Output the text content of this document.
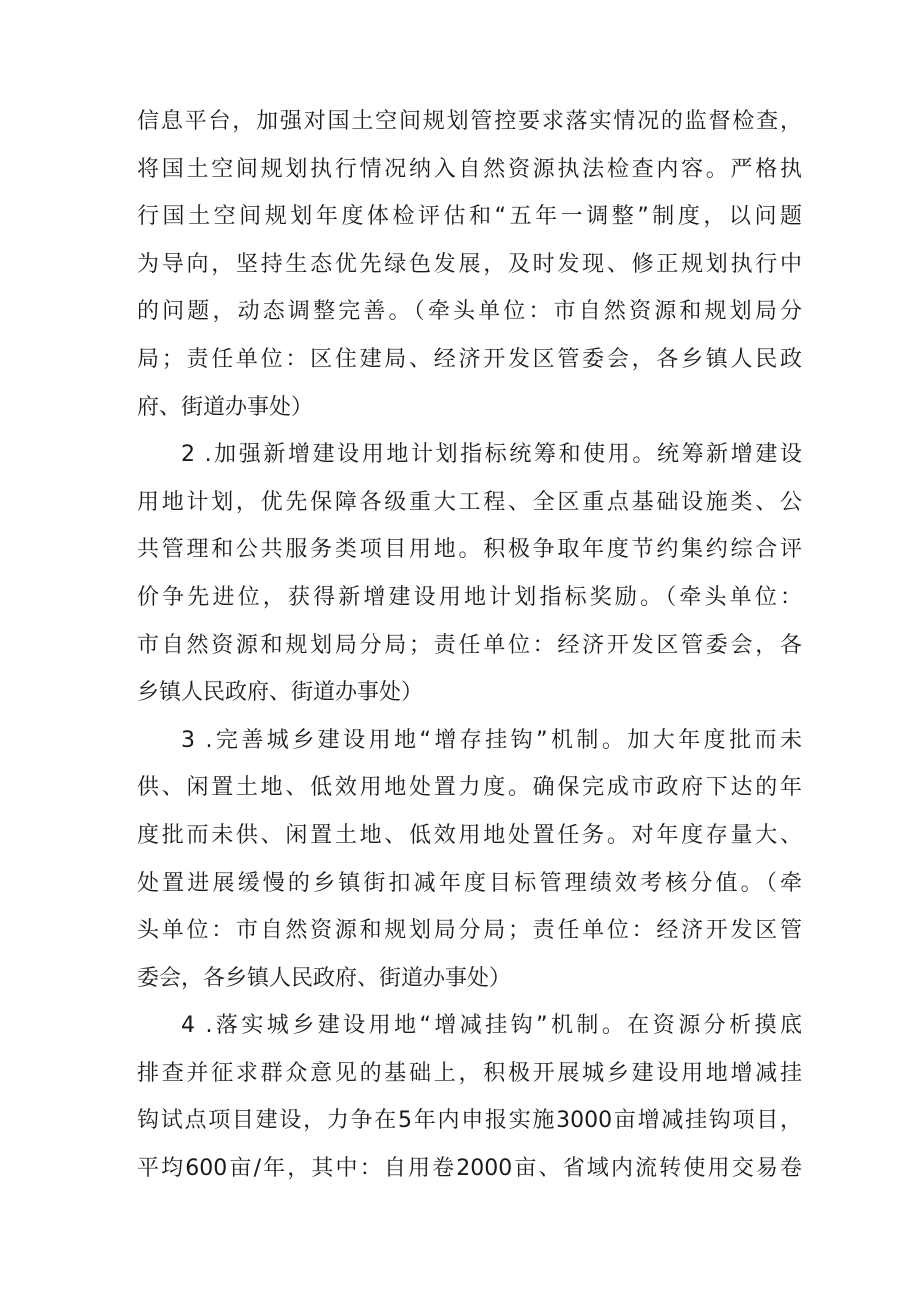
信息平台，加强对国土空间规划管控要求落实情况的监督检查，
将国土空间规划执行情况纳入自然资源执法检查内容。严格执
行国土空间规划年度体检评估和“五年一调整”制度，以问题
为导向，坚持生态优先绿色发展，及时发现、修正规划执行中
的问题，动态调整完善。（牵头单位：市自然资源和规划局分
局；责任单位：区住建局、经济开发区管委会，各乡镇人民政
府、街道办事处）
2 .加强新增建设用地计划指标统筹和使用。统筹新增建设
用地计划，优先保障各级重大工程、全区重点基础设施类、公
共管理和公共服务类项目用地。积极争取年度节约集约综合评
价争先进位，获得新增建设用地计划指标奖励。（牵头单位：
市自然资源和规划局分局；责任单位：经济开发区管委会，各
乡镇人民政府、街道办事处）
3 .完善城乡建设用地“增存挂钩”机制。加大年度批而未
供、闲置土地、低效用地处置力度。确保完成市政府下达的年
度批而未供、闲置土地、低效用地处置任务。对年度存量大、
处置进展缓慢的乡镇街扣减年度目标管理绩效考核分值。（牵
头单位：市自然资源和规划局分局；责任单位：经济开发区管
委会，各乡镇人民政府、街道办事处）
4 .落实城乡建设用地“增减挂钩”机制。在资源分析摸底
排查并征求群众意见的基础上，积极开展城乡建设用地增减挂
钩试点项目建设，力争在5年内申报实施3000亩增减挂钩项目，
平均600亩/年，其中：自用卷2000亩、省域内流转使用交易卷
